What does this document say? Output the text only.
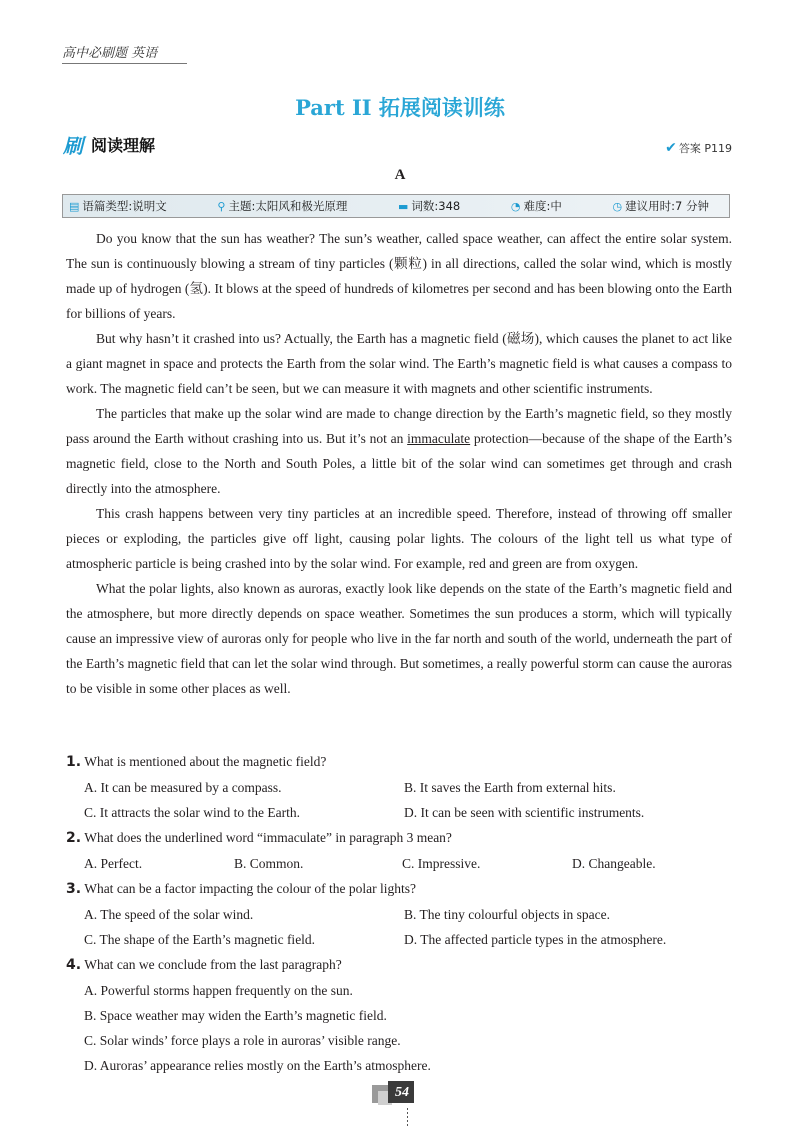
高中必刷题 英语
Part II 拓展阅读训练
刷 阅读理解	✔ 答案 P119
A
▤ 语篇类型:说明文	⚲ 主题:太阳风和极光原理	▬ 词数:348	◔ 难度:中	◷ 建议用时:7 分钟

Do you know that the sun has weather? The sun’s weather, called space weather, can affect the entire solar system. The sun is continuously blowing a stream of tiny particles (颗粒) in all directions, called the solar wind, which is mostly made up of hydrogen (氢). It blows at the speed of hundreds of kilometres per second and has been blowing onto the Earth for billions of years.

But why hasn’t it crashed into us? Actually, the Earth has a magnetic field (磁场), which causes the planet to act like a giant magnet in space and protects the Earth from the solar wind. The Earth’s magnetic field is what causes a compass to work. The magnetic field can’t be seen, but we can measure it with magnets and other scientific instruments.

The particles that make up the solar wind are made to change direction by the Earth’s magnetic field, so they mostly pass around the Earth without crashing into us. But it’s not an immaculate protection—because of the shape of the Earth’s magnetic field, close to the North and South Poles, a little bit of the solar wind can sometimes get through and crash directly into the atmosphere.

This crash happens between very tiny particles at an incredible speed. Therefore, instead of throwing off smaller pieces or exploding, the particles give off light, causing polar lights. The colours of the light tell us what type of atmospheric particle is being crashed into by the solar wind. For example, red and green are from oxygen.

What the polar lights, also known as auroras, exactly look like depends on the state of the Earth’s magnetic field and the atmosphere, but more directly depends on space weather. Sometimes the sun produces a storm, which will typically cause an impressive view of auroras only for people who live in the far north and south of the world, underneath the part of the Earth’s magnetic field that can let the solar wind through. But sometimes, a really powerful storm can cause the auroras to be visible in some other places as well.

1. What is mentioned about the magnetic field?
A. It can be measured by a compass.	B. It saves the Earth from external hits.
C. It attracts the solar wind to the Earth.	D. It can be seen with scientific instruments.
2. What does the underlined word “immaculate” in paragraph 3 mean?
A. Perfect.	B. Common.	C. Impressive.	D. Changeable.
3. What can be a factor impacting the colour of the polar lights?
A. The speed of the solar wind.	B. The tiny colourful objects in space.
C. The shape of the Earth’s magnetic field.	D. The affected particle types in the atmosphere.
4. What can we conclude from the last paragraph?
A. Powerful storms happen frequently on the sun.
B. Space weather may widen the Earth’s magnetic field.
C. Solar winds’ force plays a role in auroras’ visible range.
D. Auroras’ appearance relies mostly on the Earth’s atmosphere.
54
